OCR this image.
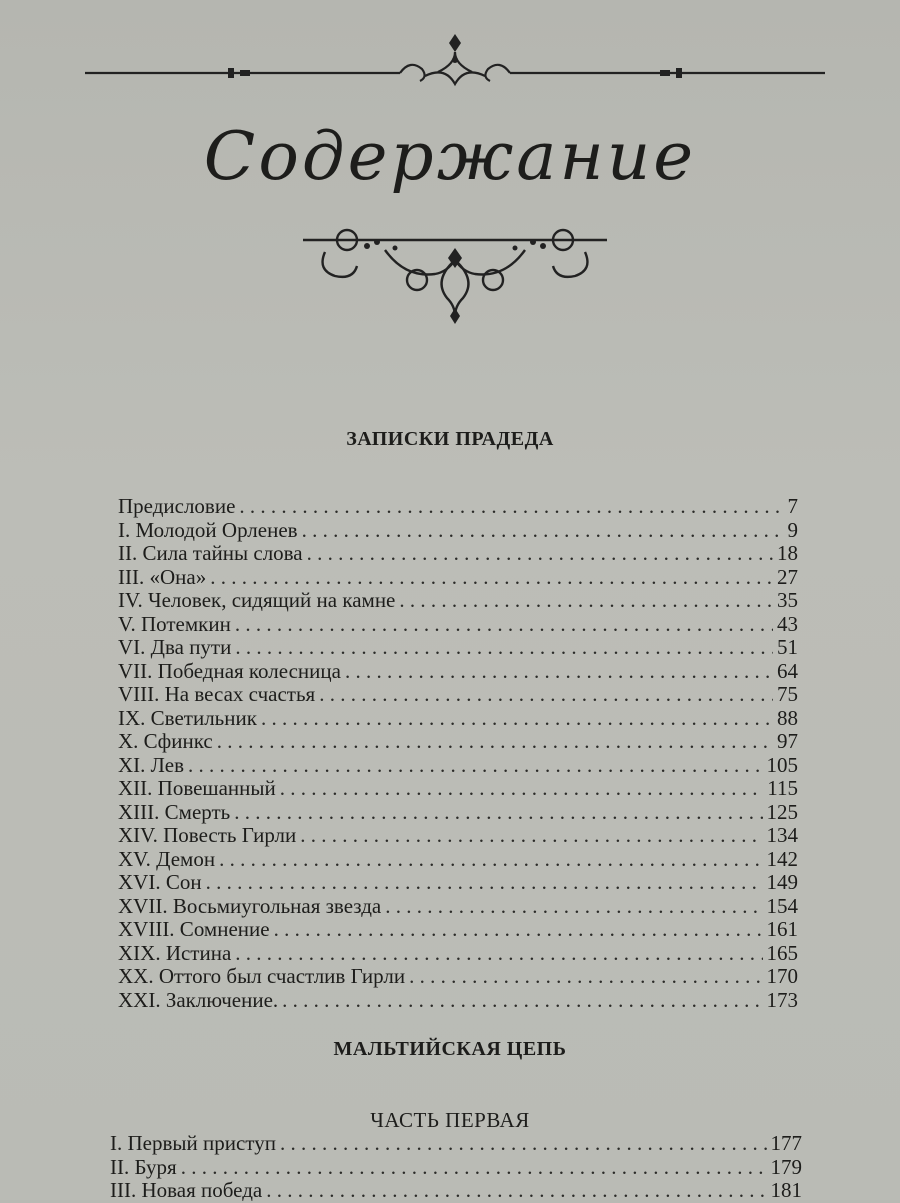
Содержание
ЗАПИСКИ ПРАДЕДА
Предисловие . . .	7
I. Молодой Орленев . . .	9
II. Сила тайны слова . . .	18
III. «Она» . . .	27
IV. Человек, сидящий на камне . . .	35
V. Потемкин . . .	43
VI. Два пути . . .	51
VII. Победная колесница . . .	64
VIII. На весах счастья . . .	75
IX. Светильник . . .	88
X. Сфинкс . . .	97
XI. Лев . . .	105
XII. Повешанный . . .	115
XIII. Смерть . . .	125
XIV. Повесть Гирли . . .	134
XV. Демон . . .	142
XVI. Сон . . .	149
XVII. Восьмиугольная звезда . . .	154
XVIII. Сомнение . . .	161
XIX. Истина . . .	165
XX. Оттого был счастлив Гирли . . .	170
XXI. Заключение. . . .	173
МАЛЬТИЙСКАЯ ЦЕПЬ
ЧАСТЬ ПЕРВАЯ
I. Первый приступ . . .	177
II. Буря . . .	179
III. Новая победа . . .	181
